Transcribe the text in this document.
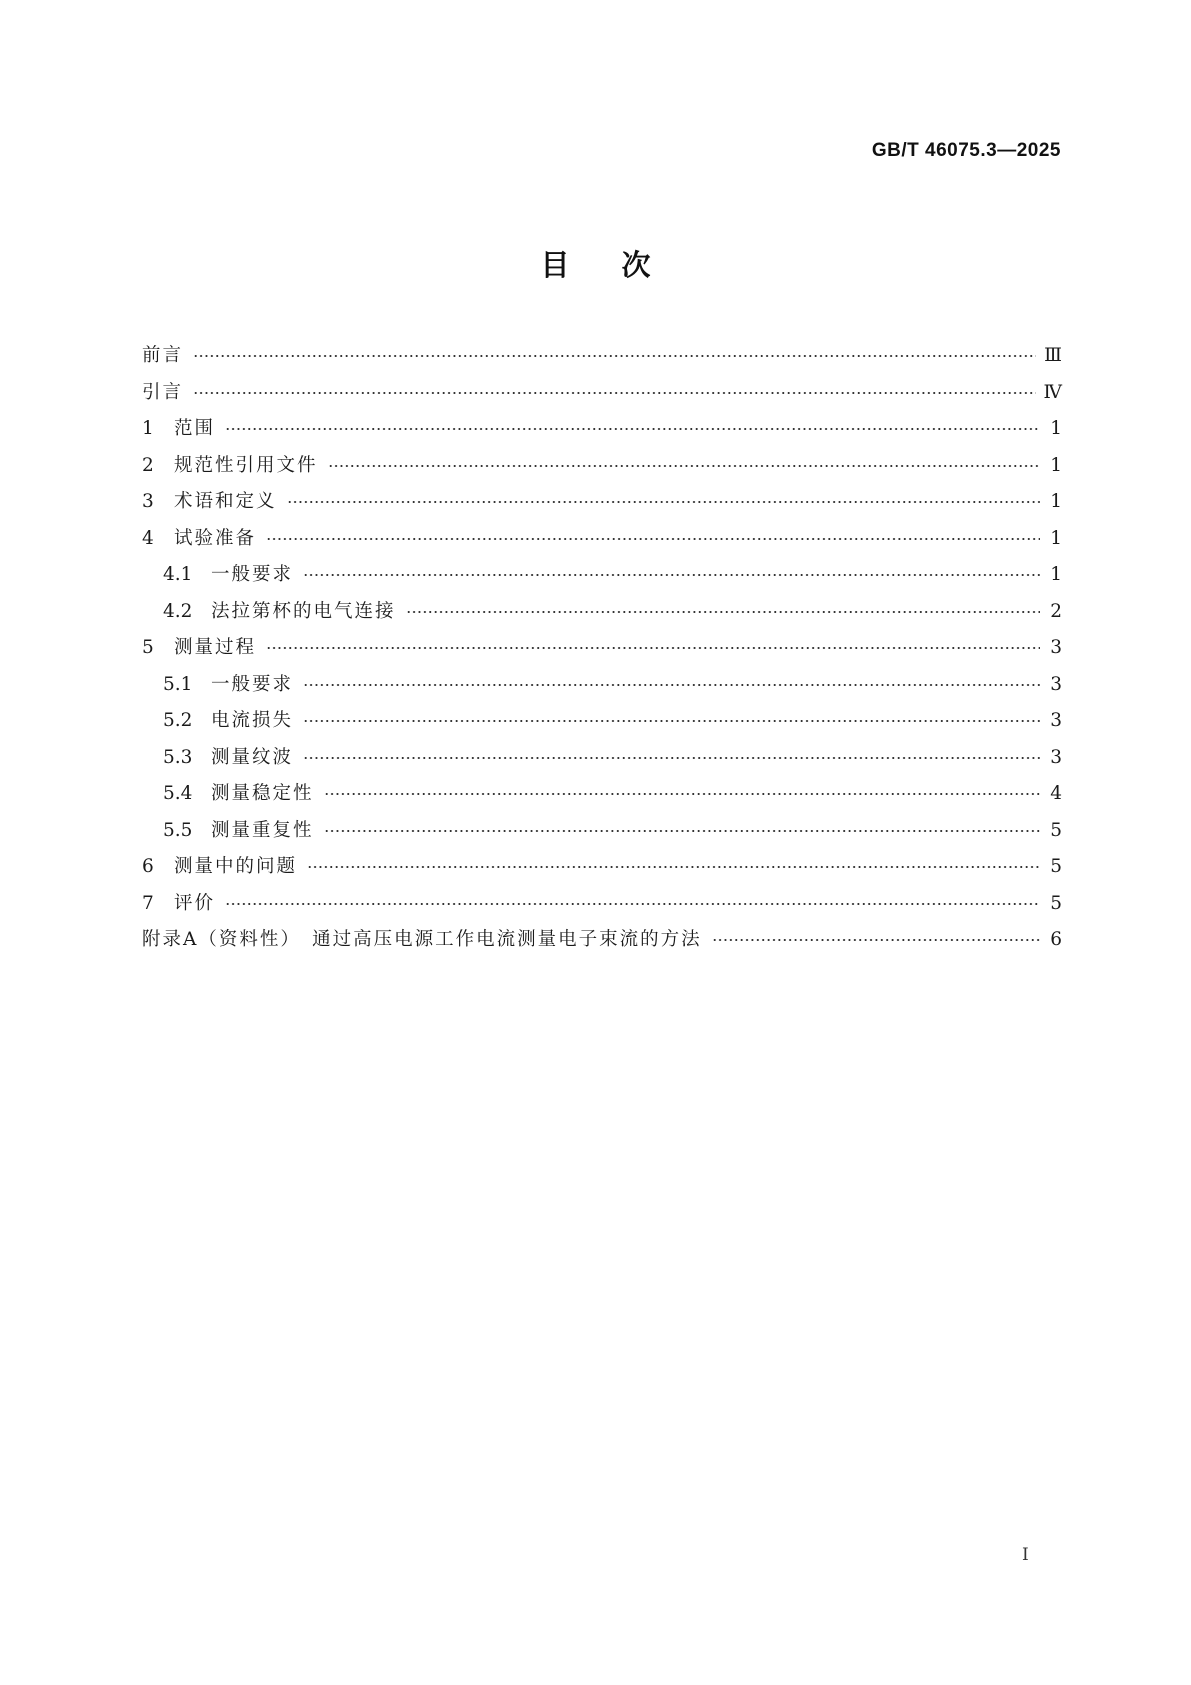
GB/T 46075.3—2025
目次
前言	Ⅲ
引言	Ⅳ
1	范围	1
2	规范性引用文件	1
3	术语和定义	1
4	试验准备	1
4.1	一般要求	1
4.2	法拉第杯的电气连接	2
5	测量过程	3
5.1	一般要求	3
5.2	电流损失	3
5.3	测量纹波	3
5.4	测量稳定性	4
5.5	测量重复性	5
6	测量中的问题	5
7	评价	5
附录A（资料性）　通过高压电源工作电流测量电子束流的方法	6
I
